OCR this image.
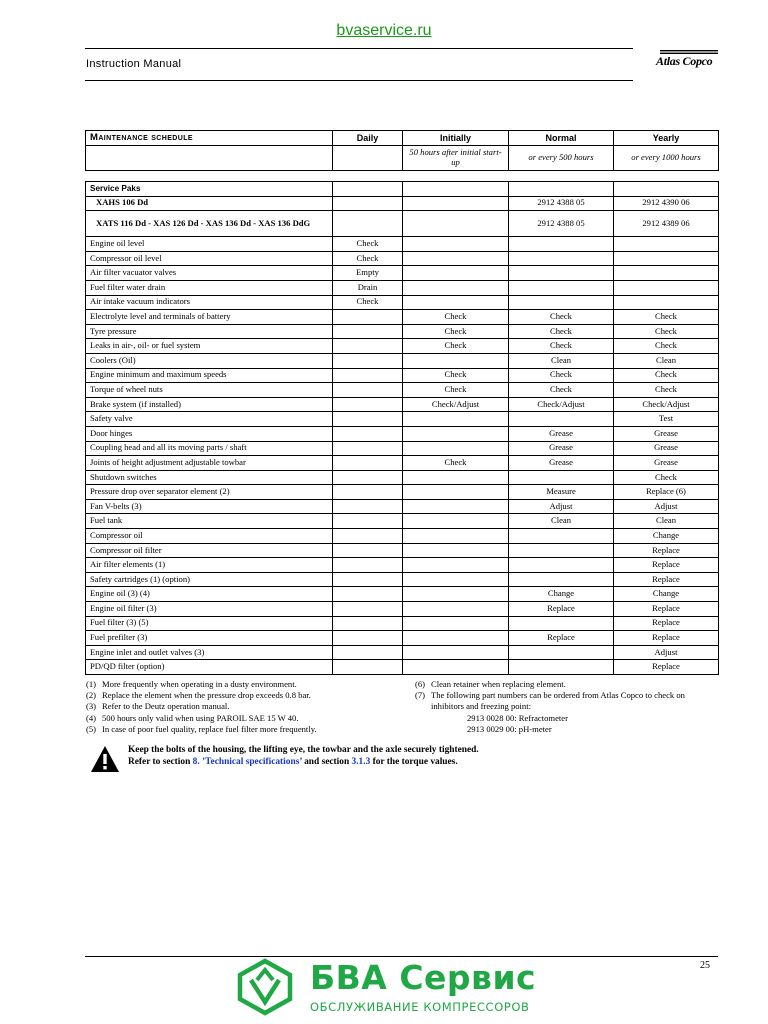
bvaservice.ru
Instruction Manual	Atlas Copco
Maintenance schedule	Daily	Initially	Normal	Yearly
		50 hours after initial start-up	or every 500 hours	or every 1000 hours
Service Paks				
XAHS 106 Dd			2912 4388 05	2912 4390 06
XATS 116 Dd - XAS 126 Dd - XAS 136 Dd - XAS 136 DdG			2912 4388 05	2912 4389 06
Engine oil level	Check			
Compressor oil level	Check			
Air filter vacuator valves	Empty			
Fuel filter water drain	Drain			
Air intake vacuum indicators	Check			
Electrolyte level and terminals of battery		Check	Check	Check
Tyre pressure		Check	Check	Check
Leaks in air-, oil- or fuel system		Check	Check	Check
Coolers (Oil)			Clean	Clean
Engine minimum and maximum speeds		Check	Check	Check
Torque of wheel nuts		Check	Check	Check
Brake system (if installed)		Check/Adjust	Check/Adjust	Check/Adjust
Safety valve				Test
Door hinges			Grease	Grease
Coupling head and all its moving parts / shaft			Grease	Grease
Joints of height adjustment adjustable towbar		Check	Grease	Grease
Shutdown switches				Check
Pressure drop over separator element (2)			Measure	Replace (6)
Fan V-belts (3)			Adjust	Adjust
Fuel tank			Clean	Clean
Compressor oil				Change
Compressor oil filter				Replace
Air filter elements (1)				Replace
Safety cartridges (1) (option)				Replace
Engine oil (3) (4)			Change	Change
Engine oil filter (3)			Replace	Replace
Fuel filter (3) (5)				Replace
Fuel prefilter (3)			Replace	Replace
Engine inlet and outlet valves (3)				Adjust
PD/QD filter (option)				Replace
(1) More frequently when operating in a dusty environment.
(2) Replace the element when the pressure drop exceeds 0.8 bar.
(3) Refer to the Deutz operation manual.
(4) 500 hours only valid when using PAROIL SAE 15 W 40.
(5) In case of poor fuel quality, replace fuel filter more frequently.
(6) Clean retainer when replacing element.
(7) The following part numbers can be ordered from Atlas Copco to check on inhibitors and freezing point:
2913 0028 00: Refractometer
2913 0029 00: pH-meter
Keep the bolts of the housing, the lifting eye, the towbar and the axle securely tightened.
Refer to section 8. ’Technical specifications’ and section 3.1.3 for the torque values.
25
БВА Сервис
ОБСЛУЖИВАНИЕ КОМПРЕССОРОВ
